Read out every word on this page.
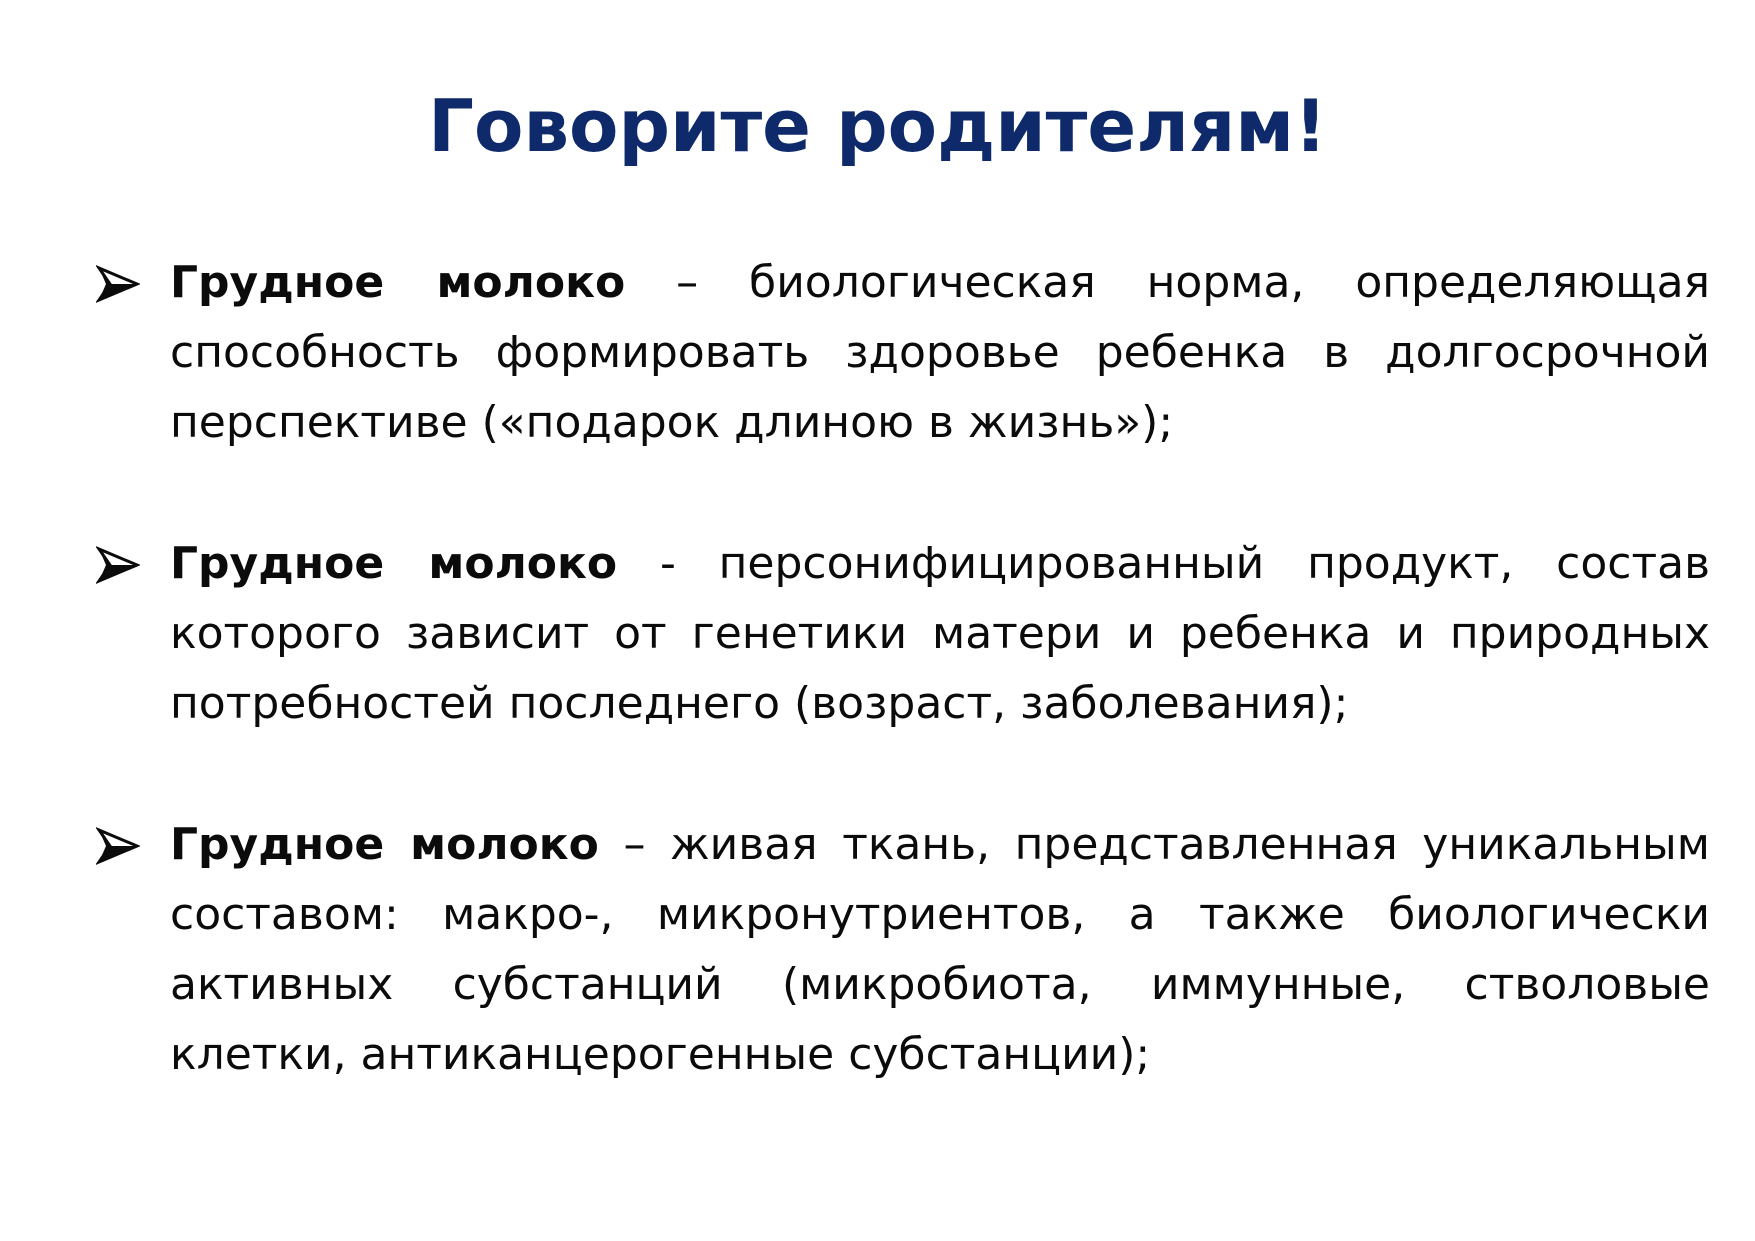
Говорите родителям!

Грудное молоко – биологическая норма, определяющая способность формировать здоровье ребенка в долгосрочной перспективе («подарок длиною в жизнь»);

Грудное молоко - персонифицированный продукт, состав которого зависит от генетики матери и ребенка и природных потребностей последнего (возраст, заболевания);

Грудное молоко – живая ткань, представленная уникальным составом: макро-, микронутриентов, а также биологически активных субстанций (микробиота, иммунные, стволовые клетки, антиканцерогенные субстанции);
